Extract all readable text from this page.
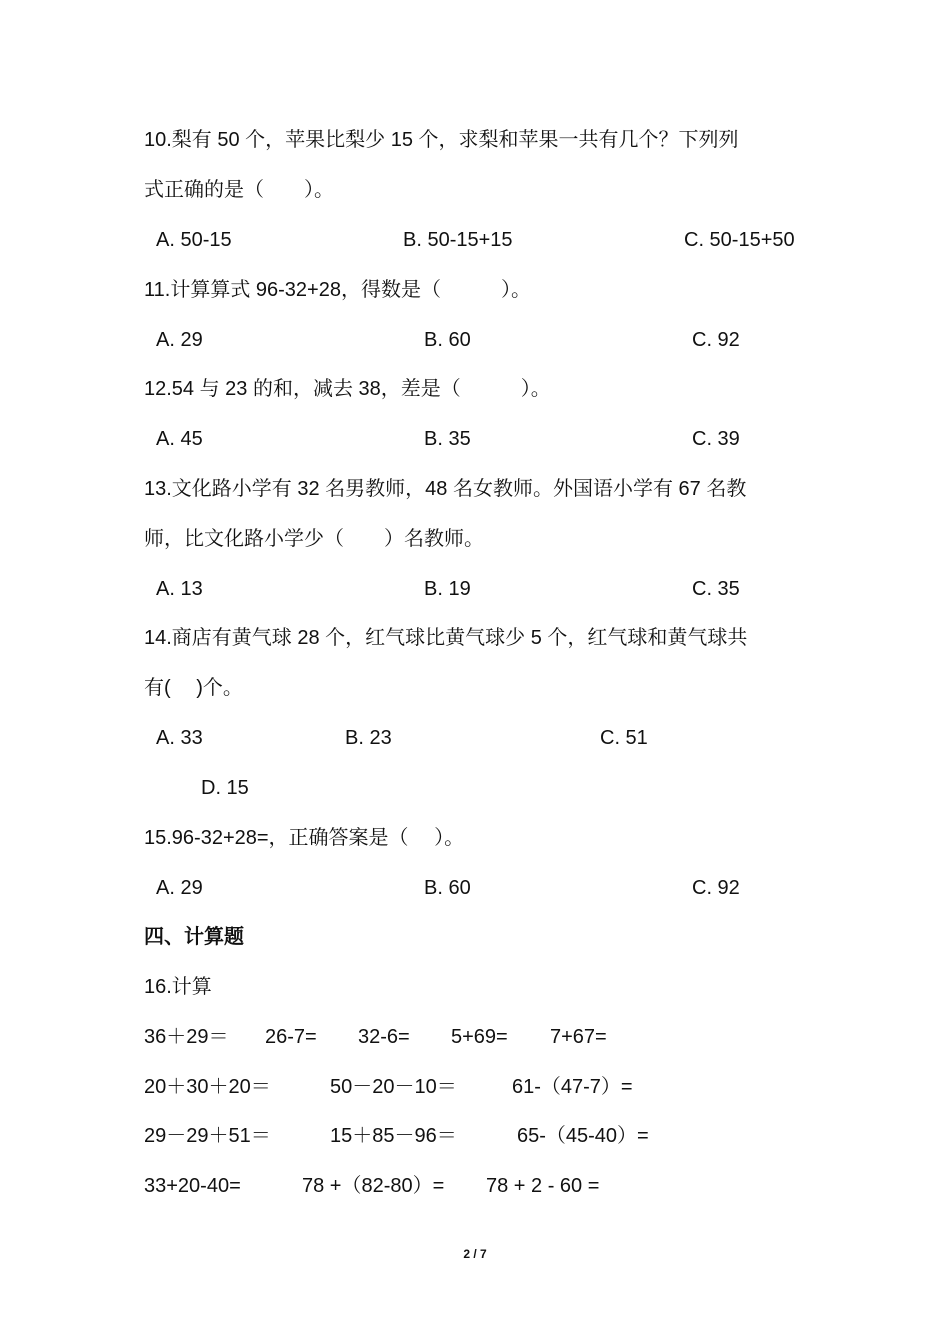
10.梨有 50 个，苹果比梨少 15 个，求梨和苹果一共有几个？下列列
式正确的是（　　）。
A. 50-15	B. 50-15+15	C. 50-15+50
11.计算算式 96-32+28，得数是（　　　）。
A. 29	B. 60	C. 92
12.54 与 23 的和，减去 38，差是（　　　）。
A. 45	B. 35	C. 39
13.文化路小学有 32 名男教师，48 名女教师。外国语小学有 67 名教
师，比文化路小学少（　　）名教师。
A. 13	B. 19	C. 35
14.商店有黄气球 28 个，红气球比黄气球少 5 个，红气球和黄气球共
有(　 )个。
A. 33	B. 23	C. 51
D. 15
15.96-32+28=，正确答案是（　 ）。
A. 29	B. 60	C. 92
四、计算题
16.计算
36＋29＝ 26-7= 32-6= 5+69= 7+67=
20＋30＋20＝	50－20－10＝	61-（47-7）=
29－29＋51＝	15＋85－96＝	65-（45-40）=
33+20-40=	78 +（82-80）= 78 + 2 - 60 =
2 / 7
